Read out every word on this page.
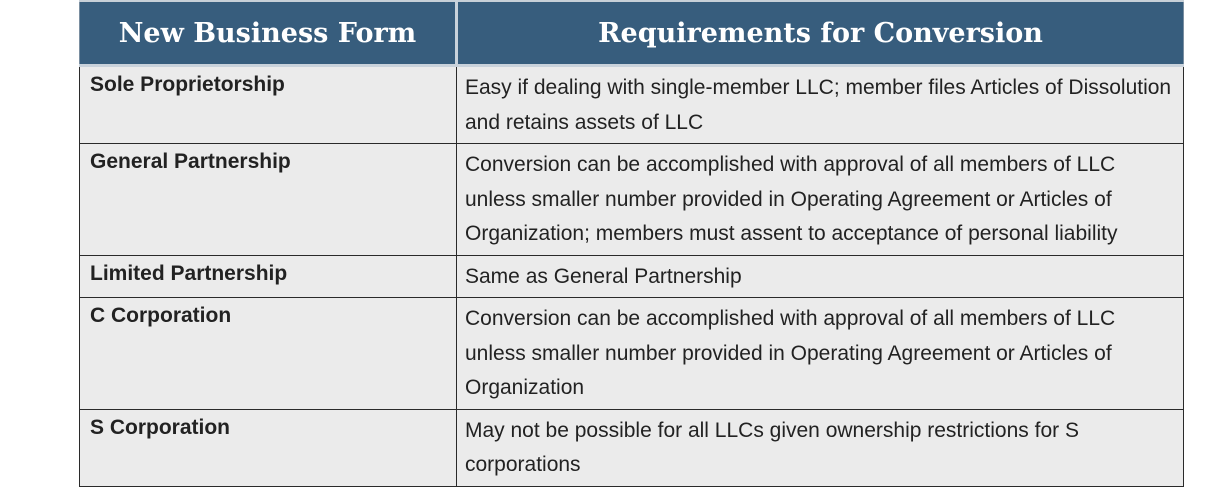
New Business Form	Requirements for Conversion
Sole Proprietorship	Easy if dealing with single-member LLC; member files Articles of Dissolution and retains assets of LLC
General Partnership	Conversion can be accomplished with approval of all members of LLC unless smaller number provided in Operating Agreement or Articles of Organization; members must assent to acceptance of personal liability
Limited Partnership	Same as General Partnership
C Corporation	Conversion can be accomplished with approval of all members of LLC unless smaller number provided in Operating Agreement or Articles of Organization
S Corporation	May not be possible for all LLCs given ownership restrictions for S corporations
